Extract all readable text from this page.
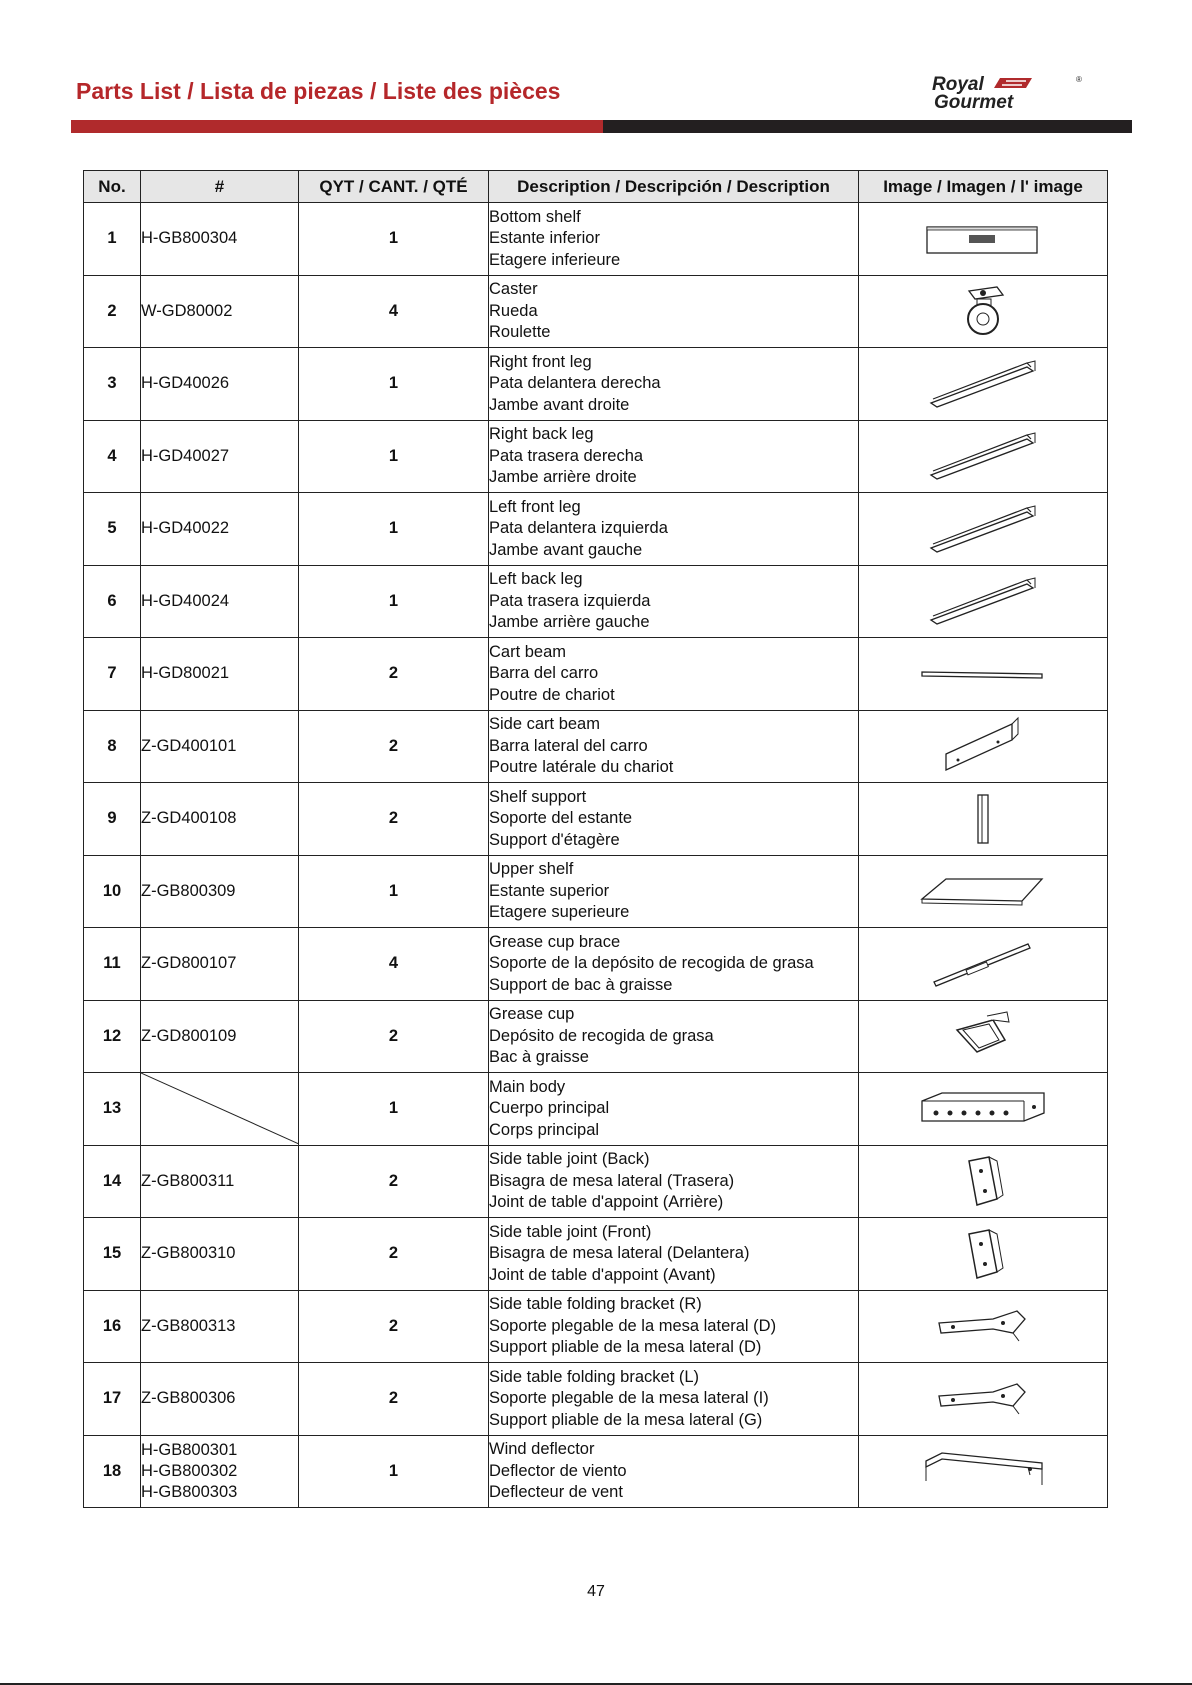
Parts List / Lista de piezas / Liste des pièces	Royal
Gourmet
®
No.	#	QYT / CANT. / QTÉ	Description / Descripción / Description	Image / Imagen / l' image
1	H-GB800304	1	Bottom shelf
Estante inferior
Etagere inferieure

2	W-GD80002	4	Caster
Rueda
Roulette

3	H-GD40026	1	Right front leg
Pata delantera derecha
Jambe avant droite

4	H-GD40027	1	Right back leg
Pata trasera derecha
Jambe arrière droite

5	H-GD40022	1	Left front leg
Pata delantera izquierda
Jambe avant gauche

6	H-GD40024	1	Left back leg
Pata trasera izquierda
Jambe arrière gauche

7	H-GD80021	2	Cart beam
Barra del carro
Poutre de chariot

8	Z-GD400101	2	Side cart beam
Barra lateral del carro
Poutre latérale du chariot

9	Z-GD400108	2	Shelf support
Soporte del estante
Support d'étagère

10	Z-GB800309	1	Upper shelf
Estante superior
Etagere superieure

11	Z-GD800107	4	Grease cup brace
Soporte de la depósito de recogida de grasa
Support de bac à graisse

12	Z-GD800109	2	Grease cup
Depósito de recogida de grasa
Bac à graisse

13		1	Main body
Cuerpo principal
Corps principal

14	Z-GB800311	2	Side table joint (Back)
Bisagra de mesa lateral (Trasera)
Joint de table d'appoint (Arrière)

15	Z-GB800310	2	Side table joint (Front)
Bisagra de mesa lateral (Delantera)
Joint de table d'appoint (Avant)

16	Z-GB800313	2	Side table folding bracket (R)
Soporte plegable de la mesa lateral (D)
Support pliable de la mesa lateral (D)

17	Z-GB800306	2	Side table folding bracket (L)
Soporte plegable de la mesa lateral (I)
Support pliable de la mesa lateral (G)

18	H-GB800301
H-GB800302
H-GB800303	1	Wind deflector
Deflector de viento
Deflecteur de vent

47
